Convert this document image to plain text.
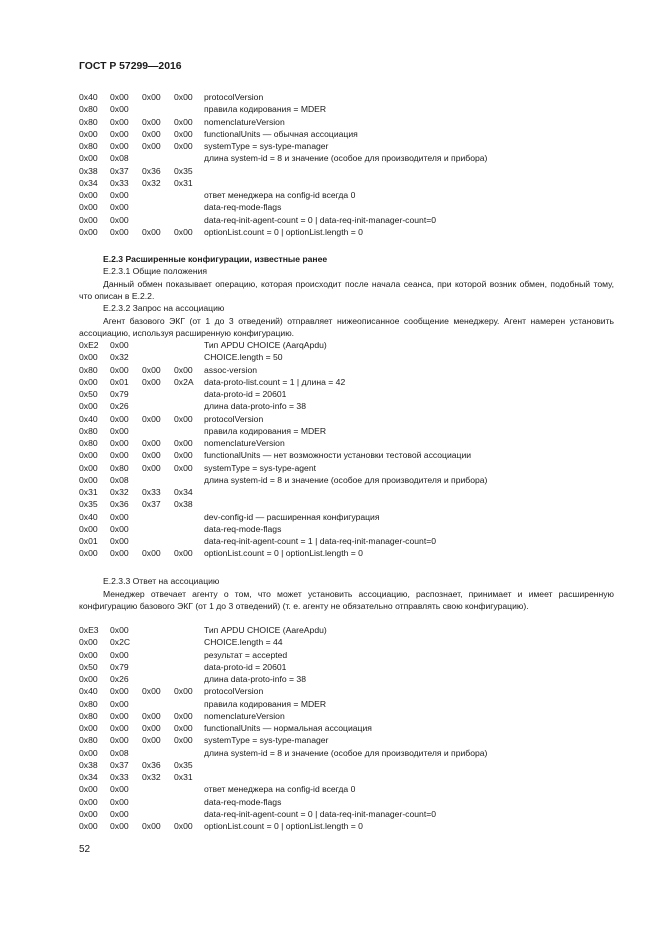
ГОСТ Р 57299—2016
0x40 0x00 0x00 0x00 protocolVersion
0x80 0x00	правила кодирования = MDER
0x80 0x00 0x00 0x00 nomenclatureVersion
0x00 0x00 0x00 0x00 functionalUnits — обычная ассоциация
0x80 0x00 0x00 0x00 systemType = sys-type-manager
0x00 0x08	длина system-id = 8 и значение (особое для производителя и прибора)
0x38 0x37 0x36 0x35
0x34 0x33 0x32 0x31
0x00 0x00	ответ менеджера на config-id всегда 0
0x00 0x00	data-req-mode-flags
0x00 0x00	data-req-init-agent-count = 0 | data-req-init-manager-count=0
0x00 0x00 0x00 0x00 optionList.count = 0 | optionList.length = 0
E.2.3 Расширенные конфигурации, известные ранее
Е.2.3.1 Общие положения
Данный обмен показывает операцию, которая происходит после начала сеанса, при которой возник обмен, подобный тому, что описан в Е.2.2.
Е.2.3.2 Запрос на ассоциацию
Агент базового ЭКГ (от 1 до 3 отведений) отправляет нижеописанное сообщение менеджеру. Агент намерен установить ассоциацию, используя расширенную конфигурацию.
0xE2 0x00	Тип APDU CHOICE (AarqApdu)
0x00 0x32	CHOICE.length = 50
0x80 0x00 0x00 0x00 assoc-version
0x00 0x01 0x00 0x2A data-proto-list.count = 1 | длина = 42
0x50 0x79	data-proto-id = 20601
0x00 0x26	длина data-proto-info = 38
0x40 0x00 0x00 0x00 protocolVersion
0x80 0x00	правила кодирования = MDER
0x80 0x00 0x00 0x00 nomenclatureVersion
0x00 0x00 0x00 0x00 functionalUnits — нет возможности установки тестовой ассоциации
0x00 0x80 0x00 0x00 systemType = sys-type-agent
0x00 0x08	длина system-id = 8 и значение (особое для производителя и прибора)
0x31 0x32 0x33 0x34
0x35 0x36 0x37 0x38
0x40 0x00	dev-config-id — расширенная конфигурация
0x00 0x00	data-req-mode-flags
0x01 0x00	data-req-init-agent-count = 1 | data-req-init-manager-count=0
0x00 0x00 0x00 0x00 optionList.count = 0 | optionList.length = 0
Е.2.3.3 Ответ на ассоциацию
Менеджер отвечает агенту о том, что может установить ассоциацию, распознает, принимает и имеет расширенную конфигурацию базового ЭКГ (от 1 до 3 отведений) (т. е. агенту не обязательно отправлять свою конфигурацию).
0xE3 0x00	Тип APDU CHOICE (AareApdu)
0x00 0x2C	CHOICE.length = 44
0x00 0x00	результат = accepted
0x50 0x79	data-proto-id = 20601
0x00 0x26	длина data-proto-info = 38
0x40 0x00 0x00 0x00 protocolVersion
0x80 0x00	правила кодирования = MDER
0x80 0x00 0x00 0x00 nomenclatureVersion
0x00 0x00 0x00 0x00 functionalUnits — нормальная ассоциация
0x80 0x00 0x00 0x00 systemType = sys-type-manager
0x00 0x08	длина system-id = 8 и значение (особое для производителя и прибора)
0x38 0x37 0x36 0x35
0x34 0x33 0x32 0x31
0x00 0x00	ответ менеджера на config-id всегда 0
0x00 0x00	data-req-mode-flags
0x00 0x00	data-req-init-agent-count = 0 | data-req-init-manager-count=0
0x00 0x00 0x00 0x00 optionList.count = 0 | optionList.length = 0
52
